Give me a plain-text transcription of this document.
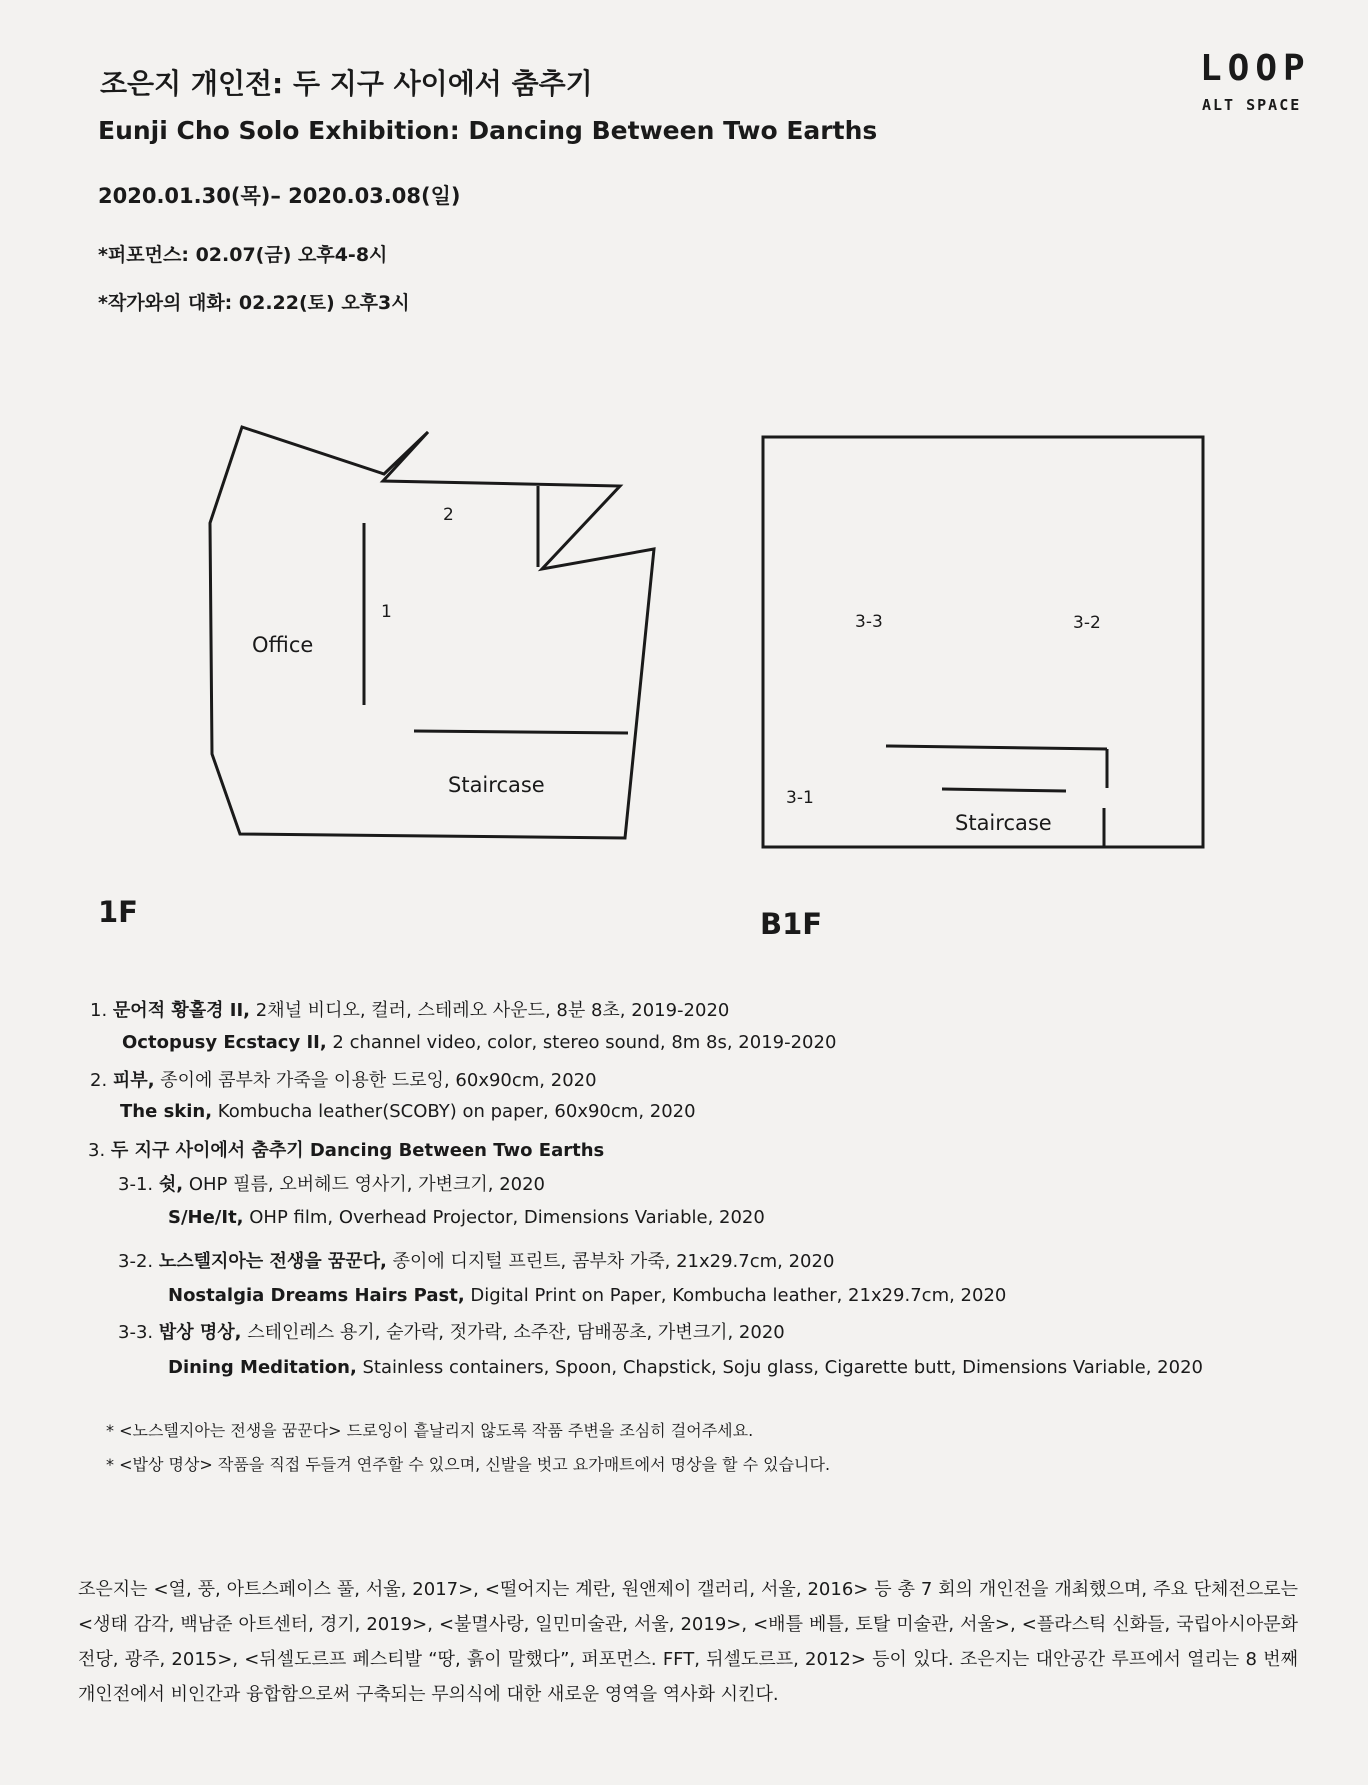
LOOP
ALT SPACE
조은지 개인전: 두 지구 사이에서 춤추기
Eunji Cho Solo Exhibition: Dancing Between Two Earths
2020.01.30(목)– 2020.03.08(일)
*퍼포먼스: 02.07(금) 오후4-8시
*작가와의 대화: 02.22(토) 오후3시
2
1
Office
Staircase
1F
3-3	3-2
3-1
Staircase
B1F
1. 문어적 황홀경 II, 2채널 비디오, 컬러, 스테레오 사운드, 8분 8초, 2019-2020
Octopusy Ecstacy II, 2 channel video, color, stereo sound, 8m 8s, 2019-2020
2. 피부, 종이에 콤부차 가죽을 이용한 드로잉, 60x90cm, 2020
The skin, Kombucha leather(SCOBY) on paper, 60x90cm, 2020
3. 두 지구 사이에서 춤추기 Dancing Between Two Earths
3-1. 쉿, OHP 필름, 오버헤드 영사기, 가변크기, 2020
S/He/It, OHP film, Overhead Projector, Dimensions Variable, 2020
3-2. 노스텔지아는 전생을 꿈꾼다, 종이에 디지털 프린트, 콤부차 가죽, 21x29.7cm, 2020
Nostalgia Dreams Hairs Past, Digital Print on Paper, Kombucha leather, 21x29.7cm, 2020
3-3. 밥상 명상, 스테인레스 용기, 숟가락, 젓가락, 소주잔, 담배꽁초, 가변크기, 2020
Dining Meditation, Stainless containers, Spoon, Chapstick, Soju glass, Cigarette butt, Dimensions Variable, 2020
* <노스텔지아는 전생을 꿈꾼다> 드로잉이 흩날리지 않도록 작품 주변을 조심히 걸어주세요.
* <밥상 명상> 작품을 직접 두들겨 연주할 수 있으며, 신발을 벗고 요가매트에서 명상을 할 수 있습니다.
조은지는 <열, 풍, 아트스페이스 풀, 서울, 2017>, <떨어지는 계란, 원앤제이 갤러리, 서울, 2016> 등 총 7 회의 개인전을 개최했으며, 주요 단체전으로는 <생태 감각, 백남준 아트센터, 경기, 2019>, <불멸사랑, 일민미술관, 서울, 2019>, <배틀 베틀, 토탈 미술관, 서울>, <플라스틱 신화들, 국립아시아문화전당, 광주, 2015>, <뒤셀도르프 페스티발 “땅, 흙이 말했다”, 퍼포먼스. FFT, 뒤셀도르프, 2012> 등이 있다. 조은지는 대안공간 루프에서 열리는 8 번째 개인전에서 비인간과 융합함으로써 구축되는 무의식에 대한 새로운 영역을 역사화 시킨다.
